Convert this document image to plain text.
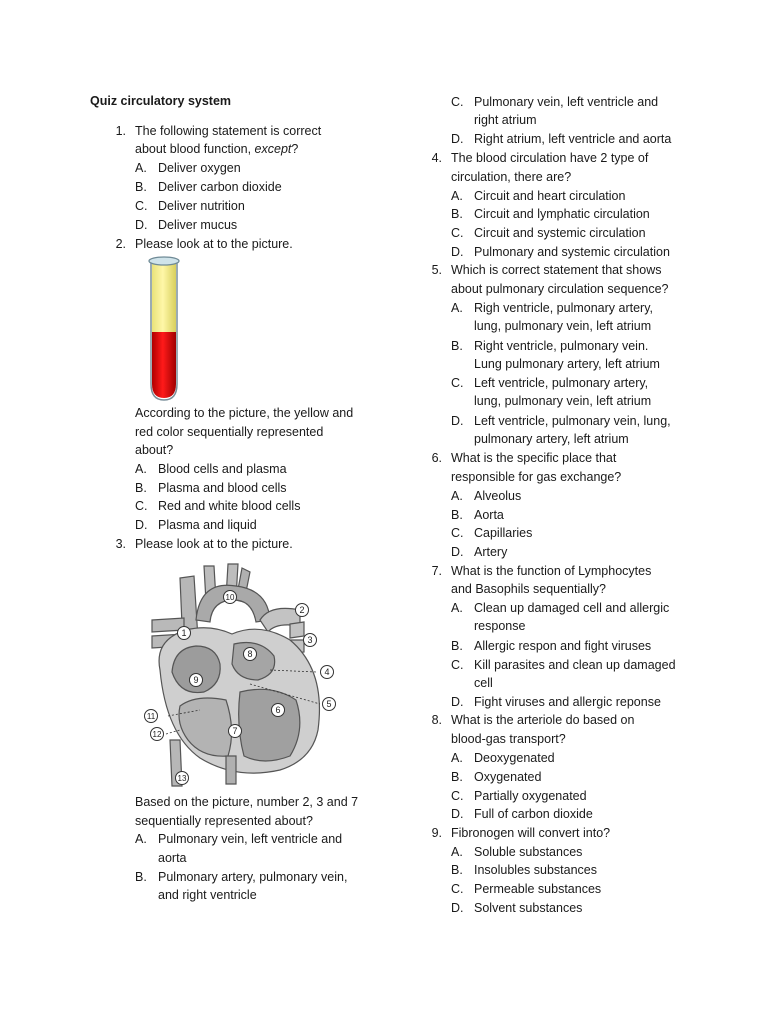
Quiz circulatory system
1. The following statement is correct
about blood function, except?
A. Deliver oxygen
B. Deliver carbon dioxide
C. Deliver nutrition
D. Deliver mucus
2. Please look at to the picture.
According to the picture, the yellow and
red color sequentially represented
about?
A. Blood cells and plasma
B. Plasma and blood cells
C. Red and white blood cells
D. Plasma and liquid
3. Please look at to the picture.
1
2
3
4
5
6
7
8
9
10
11
12
13
Based on the picture, number 2, 3 and 7
sequentially represented about?
A. Pulmonary vein, left ventricle and
aorta
B. Pulmonary artery, pulmonary vein,
and right ventricle
C. Pulmonary vein, left ventricle and
right atrium
D. Right atrium, left ventricle and aorta
4. The blood circulation have 2 type of
circulation, there are?
A. Circuit and heart circulation
B. Circuit and lymphatic circulation
C. Circuit and systemic circulation
D. Pulmonary and systemic circulation
5. Which is correct statement that shows
about pulmonary circulation sequence?
A. Righ ventricle, pulmonary artery,
lung, pulmonary vein, left atrium
B. Right ventricle, pulmonary vein.
Lung pulmonary artery, left atrium
C. Left ventricle, pulmonary artery,
lung, pulmonary vein, left atrium
D. Left ventricle, pulmonary vein, lung,
pulmonary artery, left atrium
6. What is the specific place that
responsible for gas exchange?
A. Alveolus
B. Aorta
C. Capillaries
D. Artery
7. What is the function of Lymphocytes
and Basophils sequentially?
A. Clean up damaged cell and allergic
response
B. Allergic respon and fight viruses
C. Kill parasites and clean up damaged
cell
D. Fight viruses and allergic reponse
8. What is the arteriole do based on
blood-gas transport?
A. Deoxygenated
B. Oxygenated
C. Partially oxygenated
D. Full of carbon dioxide
9. Fibronogen will convert into?
A. Soluble substances
B. Insolubles substances
C. Permeable substances
D. Solvent substances
